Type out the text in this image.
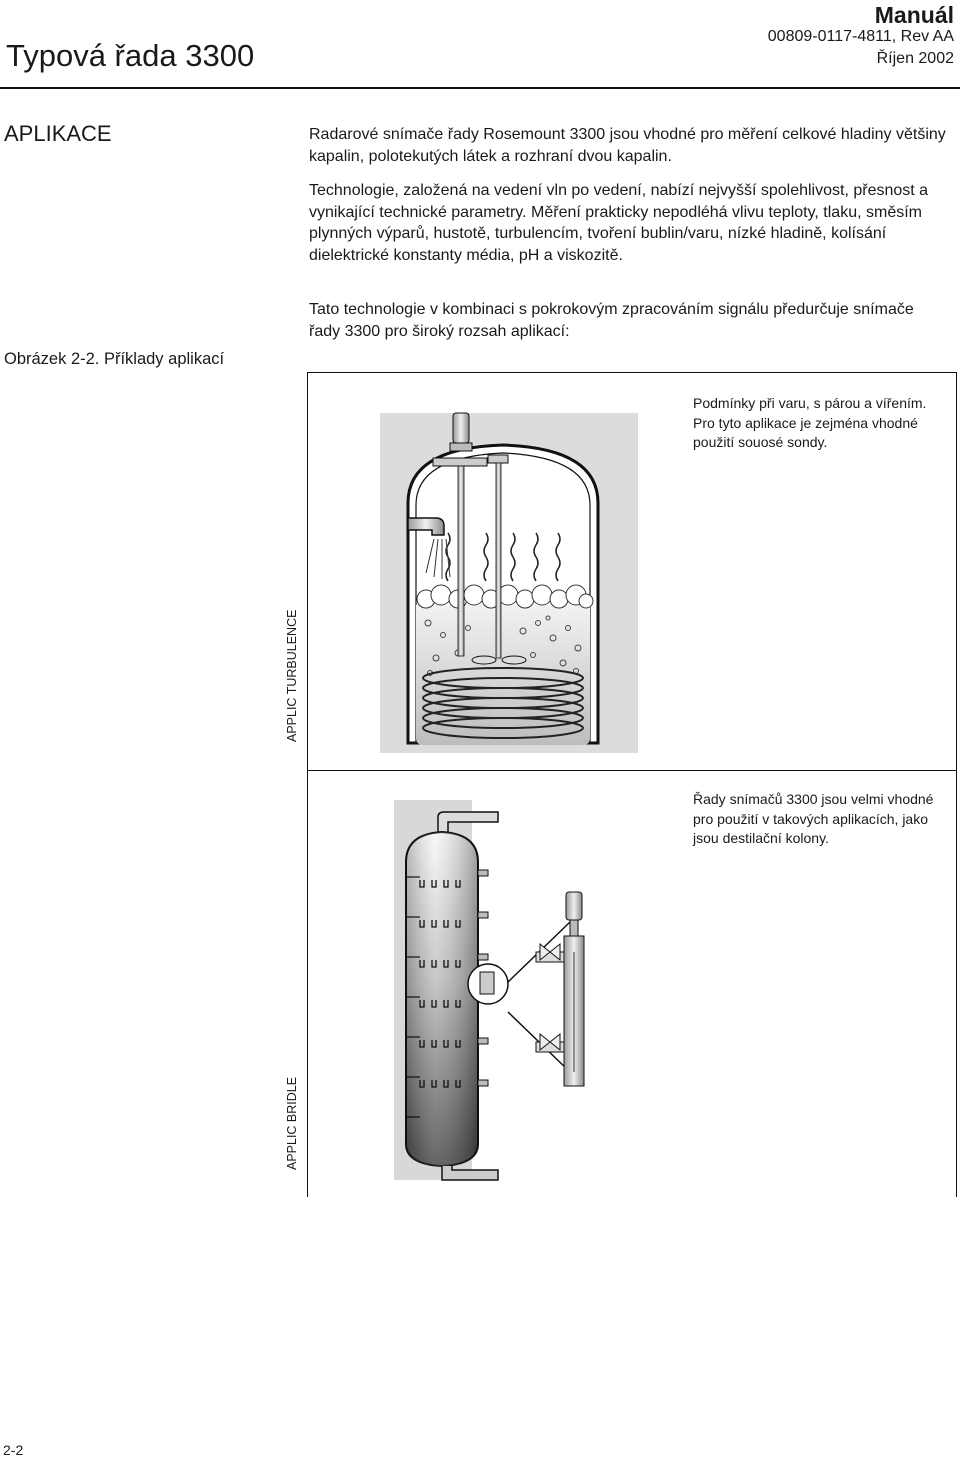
Typová řada 3300
Manuál
00809-0117-4811, Rev AA
Říjen 2002
APLIKACE
Obrázek 2-2. Příklady aplikací
Radarové snímače řady Rosemount 3300 jsou vhodné pro měření celkové hladiny většiny kapalin, polotekutých látek a rozhraní dvou kapalin.
Technologie, založená na vedení vln po vedení, nabízí nejvyšší spolehlivost, přesnost a vynikající technické parametry. Měření prakticky nepodléhá vlivu teploty, tlaku, směsím plynných výparů, hustotě, turbulencím, tvoření bublin/varu, nízké hladině, kolísání dielektrické konstanty média, pH a viskozitě.
Tato technologie v kombinaci s pokrokovým zpracováním signálu předurčuje snímače řady 3300 pro široký rozsah aplikací:
Podmínky při varu, s párou a vířením. Pro tyto aplikace je zejména vhodné použití souosé sondy.
Řady snímačů 3300 jsou velmi vhodné pro použití v takových aplikacích, jako jsou destilační kolony.
APPLIC TURBULENCE
APPLIC BRIDLE
2-2
